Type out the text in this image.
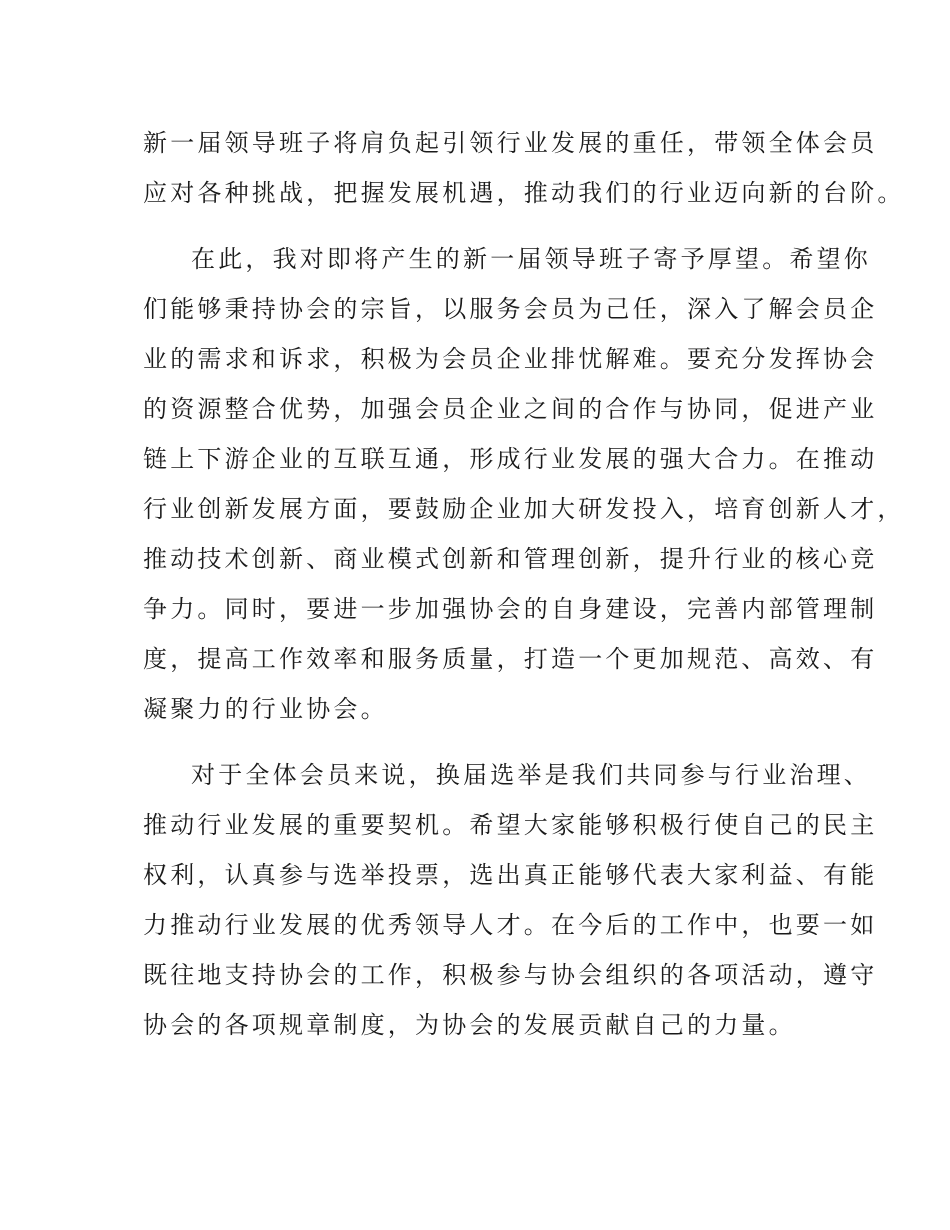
新一届领导班子将肩负起引领行业发展的重任，带领全体会员

应对各种挑战，把握发展机遇，推动我们的行业迈向新的台阶。

在此，我对即将产生的新一届领导班子寄予厚望。希望你

们能够秉持协会的宗旨，以服务会员为己任，深入了解会员企

业的需求和诉求，积极为会员企业排忧解难。要充分发挥协会

的资源整合优势，加强会员企业之间的合作与协同，促进产业

链上下游企业的互联互通，形成行业发展的强大合力。在推动

行业创新发展方面，要鼓励企业加大研发投入，培育创新人才，

推动技术创新、商业模式创新和管理创新，提升行业的核心竞

争力。同时，要进一步加强协会的自身建设，完善内部管理制

度，提高工作效率和服务质量，打造一个更加规范、高效、有

凝聚力的行业协会。

对于全体会员来说，换届选举是我们共同参与行业治理、

推动行业发展的重要契机。希望大家能够积极行使自己的民主

权利，认真参与选举投票，选出真正能够代表大家利益、有能

力推动行业发展的优秀领导人才。在今后的工作中，也要一如

既往地支持协会的工作，积极参与协会组织的各项活动，遵守

协会的各项规章制度，为协会的发展贡献自己的力量。
